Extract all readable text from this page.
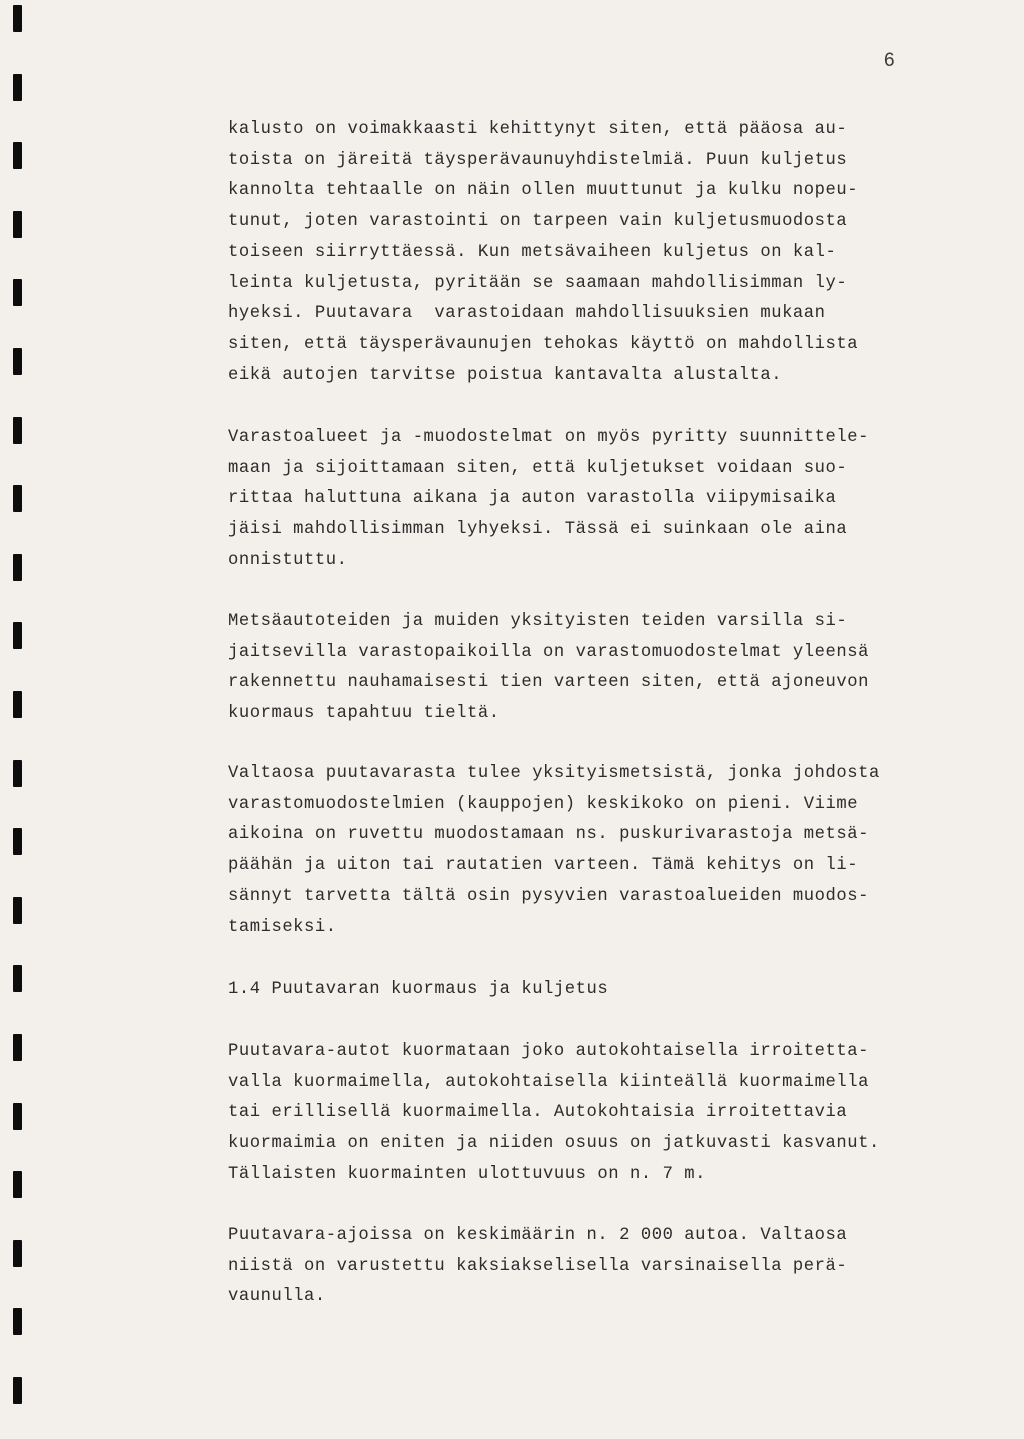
6
kalusto on voimakkaasti kehittynyt siten, että pääosa au-
toista on järeitä täysperävaunuyhdistelmiä. Puun kuljetus
kannolta tehtaalle on näin ollen muuttunut ja kulku nopeu-
tunut, joten varastointi on tarpeen vain kuljetusmuodosta
toiseen siirryttäessä. Kun metsävaiheen kuljetus on kal-
leinta kuljetusta, pyritään se saamaan mahdollisimman ly-
hyeksi. Puutavara  varastoidaan mahdollisuuksien mukaan
siten, että täysperävaunujen tehokas käyttö on mahdollista
eikä autojen tarvitse poistua kantavalta alustalta.
Varastoalueet ja -muodostelmat on myös pyritty suunnittele-
maan ja sijoittamaan siten, että kuljetukset voidaan suo-
rittaa haluttuna aikana ja auton varastolla viipymisaika
jäisi mahdollisimman lyhyeksi. Tässä ei suinkaan ole aina
onnistuttu.
Metsäautoteiden ja muiden yksityisten teiden varsilla si-
jaitsevilla varastopaikoilla on varastomuodostelmat yleensä
rakennettu nauhamaisesti tien varteen siten, että ajoneuvon
kuormaus tapahtuu tieltä.
Valtaosa puutavarasta tulee yksityismetsistä, jonka johdosta
varastomuodostelmien (kauppojen) keskikoko on pieni. Viime
aikoina on ruvettu muodostamaan ns. puskurivarastoja metsä-
päähän ja uiton tai rautatien varteen. Tämä kehitys on li-
sännyt tarvetta tältä osin pysyvien varastoalueiden muodos-
tamiseksi.
1.4 Puutavaran kuormaus ja kuljetus
Puutavara-autot kuormataan joko autokohtaisella irroitetta-
valla kuormaimella, autokohtaisella kiinteällä kuormaimella
tai erillisellä kuormaimella. Autokohtaisia irroitettavia
kuormaimia on eniten ja niiden osuus on jatkuvasti kasvanut.
Tällaisten kuormainten ulottuvuus on n. 7 m.
Puutavara-ajoissa on keskimäärin n. 2 000 autoa. Valtaosa
niistä on varustettu kaksiakselisella varsinaisella perä-
vaunulla.
